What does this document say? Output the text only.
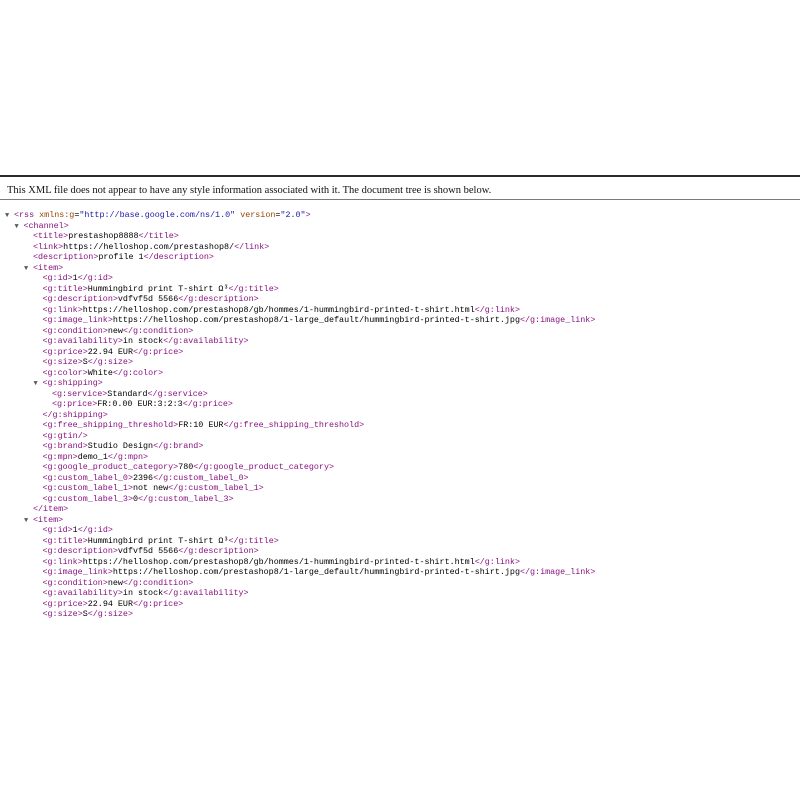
This XML file does not appear to have any style information associated with it. The document tree is shown below.
▼ <rss xmlns:g="http://base.google.com/ns/1.0" version="2.0">
▼ <channel>
<title>prestashop8888</title>
<link>https://helloshop.com/prestashop8/</link>
<description>profile 1</description>
▼ <item>
<g:id>1</g:id>
<g:title>Hummingbird print T-shirt Ω³</g:title>
<g:description>vdfvf5d 5566</g:description>
<g:link>https://helloshop.com/prestashop8/gb/hommes/1-hummingbird-printed-t-shirt.html</g:link>
<g:image_link>https://helloshop.com/prestashop8/1-large_default/hummingbird-printed-t-shirt.jpg</g:image_link>
<g:condition>new</g:condition>
<g:availability>in stock</g:availability>
<g:price>22.94 EUR</g:price>
<g:size>S</g:size>
<g:color>White</g:color>
▼ <g:shipping>
<g:service>Standard</g:service>
<g:price>FR:0.00 EUR:3:2:3</g:price>
</g:shipping>
<g:free_shipping_threshold>FR:10 EUR</g:free_shipping_threshold>
<g:gtin/>
<g:brand>Studio Design</g:brand>
<g:mpn>demo_1</g:mpn>
<g:google_product_category>780</g:google_product_category>
<g:custom_label_0>2396</g:custom_label_0>
<g:custom_label_1>not new</g:custom_label_1>
<g:custom_label_3>0</g:custom_label_3>
</item>
▼ <item>
<g:id>1</g:id>
<g:title>Hummingbird print T-shirt Ω³</g:title>
<g:description>vdfvf5d 5566</g:description>
<g:link>https://helloshop.com/prestashop8/gb/hommes/1-hummingbird-printed-t-shirt.html</g:link>
<g:image_link>https://helloshop.com/prestashop8/1-large_default/hummingbird-printed-t-shirt.jpg</g:image_link>
<g:condition>new</g:condition>
<g:availability>in stock</g:availability>
<g:price>22.94 EUR</g:price>
<g:size>S</g:size>
